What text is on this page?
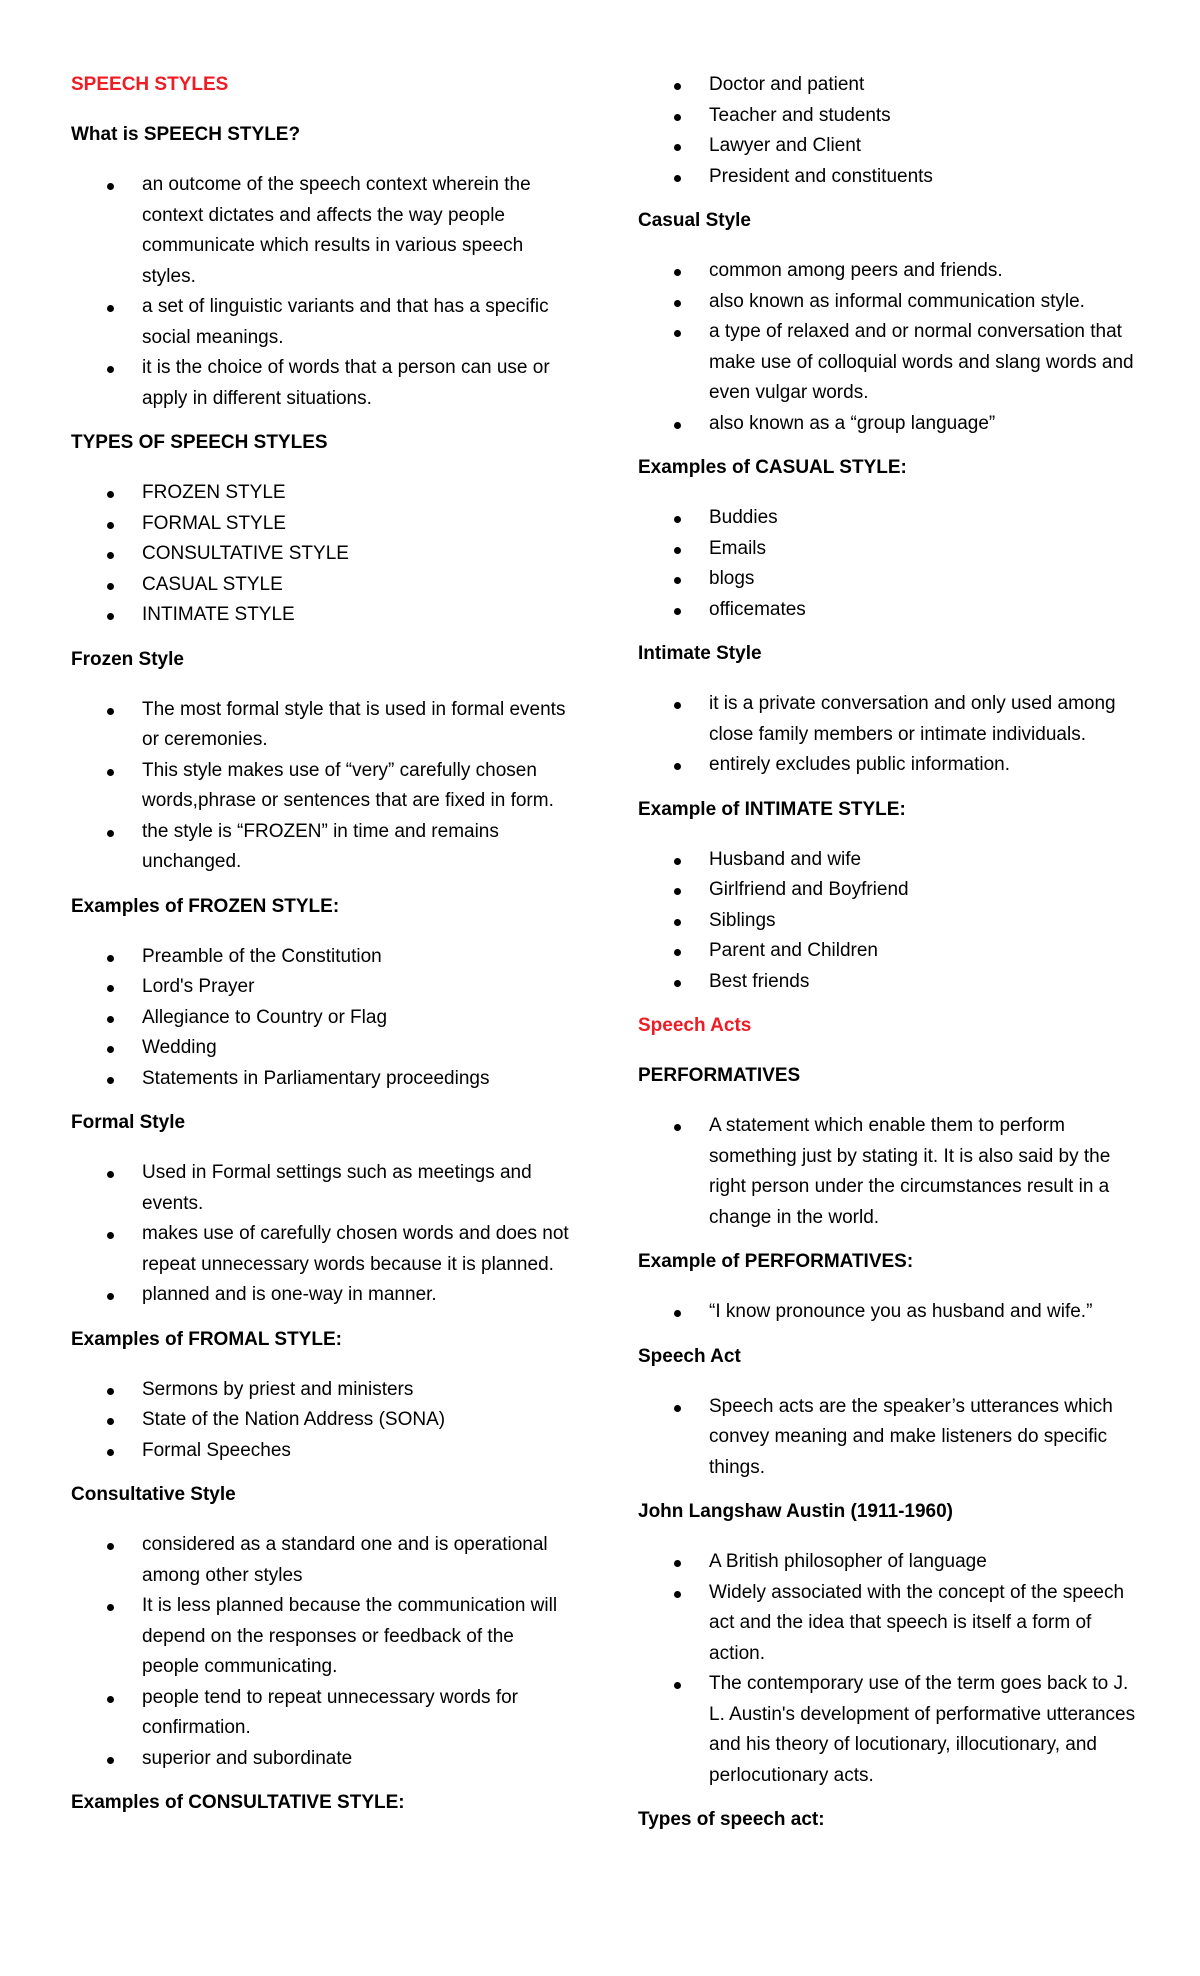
SPEECH STYLES
What is SPEECH STYLE?
an outcome of the speech context wherein the context dictates and affects the way people communicate which results in various speech styles.
a set of linguistic variants and that has a specific social meanings.
it is the choice of words that a person can use or apply in different situations.
TYPES OF SPEECH STYLES
FROZEN STYLE
FORMAL STYLE
CONSULTATIVE STYLE
CASUAL STYLE
INTIMATE STYLE
Frozen Style
The most formal style that is used in formal events or ceremonies.
This style makes use of “very” carefully chosen words,phrase or sentences that are fixed in form.
the style is “FROZEN” in time and remains unchanged.
Examples of FROZEN STYLE:
Preamble of the Constitution
Lord's Prayer
Allegiance to Country or Flag
Wedding
Statements in Parliamentary proceedings
Formal Style
Used in Formal settings such as meetings and events.
makes use of carefully chosen words and does not repeat unnecessary words because it is planned.
planned and is one-way in manner.
Examples of FROMAL STYLE:
Sermons by priest and ministers
State of the Nation Address (SONA)
Formal Speeches
Consultative Style
considered as a standard one and is operational among other styles
It is less planned because the communication will depend on the responses or feedback of the people communicating.
people tend to repeat unnecessary words for confirmation.
superior and subordinate
Examples of CONSULTATIVE STYLE:
Doctor and patient
Teacher and students
Lawyer and Client
President and constituents
Casual Style
common among peers and friends.
also known as informal communication style.
a type of relaxed and or normal conversation that make use of colloquial words and slang words and even vulgar words.
also known as a “group language”
Examples of CASUAL STYLE:
Buddies
Emails
blogs
officemates
Intimate Style
it is a private conversation and only used among close family members or intimate individuals.
entirely excludes public information.
Example of INTIMATE STYLE:
Husband and wife
Girlfriend and Boyfriend
Siblings
Parent and Children
Best friends
Speech Acts
PERFORMATIVES
A statement which enable them to perform something just by stating it. It is also said by the right person under the circumstances result in a change in the world.
Example of PERFORMATIVES:
“I know pronounce you as husband and wife.”
Speech Act
Speech acts are the speaker’s utterances which convey meaning and make listeners do specific things.
John Langshaw Austin (1911-1960)
A British philosopher of language
Widely associated with the concept of the speech act and the idea that speech is itself a form of action.
The contemporary use of the term goes back to J. L. Austin's development of performative utterances and his theory of locutionary, illocutionary, and perlocutionary acts.
Types of speech act:
